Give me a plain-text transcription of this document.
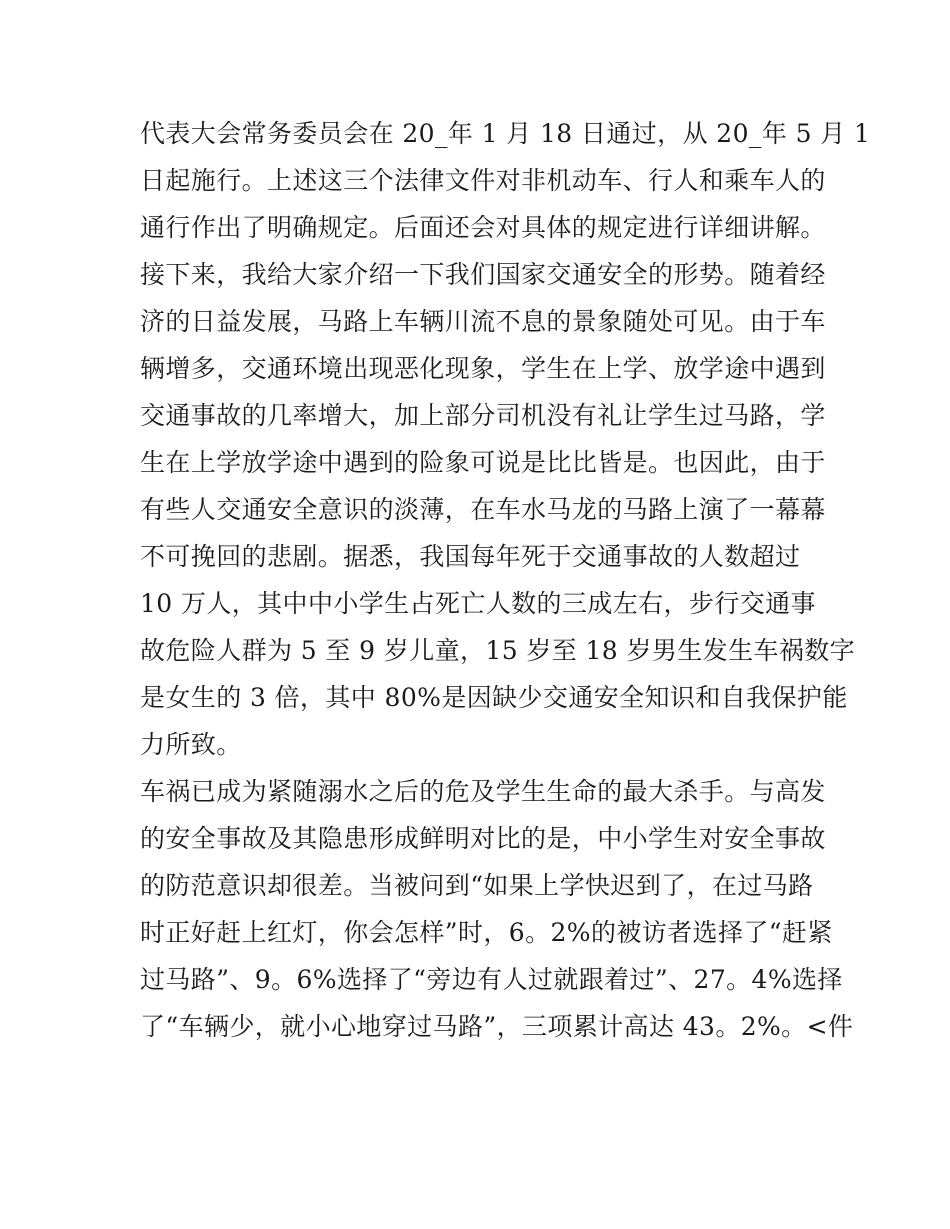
代表大会常务委员会在 20_年 1 月 18 日通过，从 20_年 5 月 1
日起施行。上述这三个法律文件对非机动车、行人和乘车人的
通行作出了明确规定。后面还会对具体的规定进行详细讲解。
接下来，我给大家介绍一下我们国家交通安全的形势。随着经
济的日益发展，马路上车辆川流不息的景象随处可见。由于车
辆增多，交通环境出现恶化现象，学生在上学、放学途中遇到
交通事故的几率增大，加上部分司机没有礼让学生过马路，学
生在上学放学途中遇到的险象可说是比比皆是。也因此，由于
有些人交通安全意识的淡薄，在车水马龙的马路上演了一幕幕
不可挽回的悲剧。据悉，我国每年死于交通事故的人数超过
10 万人，其中中小学生占死亡人数的三成左右，步行交通事
故危险人群为 5 至 9 岁儿童，15 岁至 18 岁男生发生车祸数字
是女生的 3 倍，其中 80%是因缺少交通安全知识和自我保护能
力所致。
车祸已成为紧随溺水之后的危及学生生命的最大杀手。与高发
的安全事故及其隐患形成鲜明对比的是，中小学生对安全事故
的防范意识却很差。当被问到“如果上学快迟到了，在过马路
时正好赶上红灯，你会怎样”时，6。2%的被访者选择了“赶紧
过马路”、9。6%选择了“旁边有人过就跟着过”、27。4%选择
了“车辆少，就小心地穿过马路”，三项累计高达 43。2%。<件
